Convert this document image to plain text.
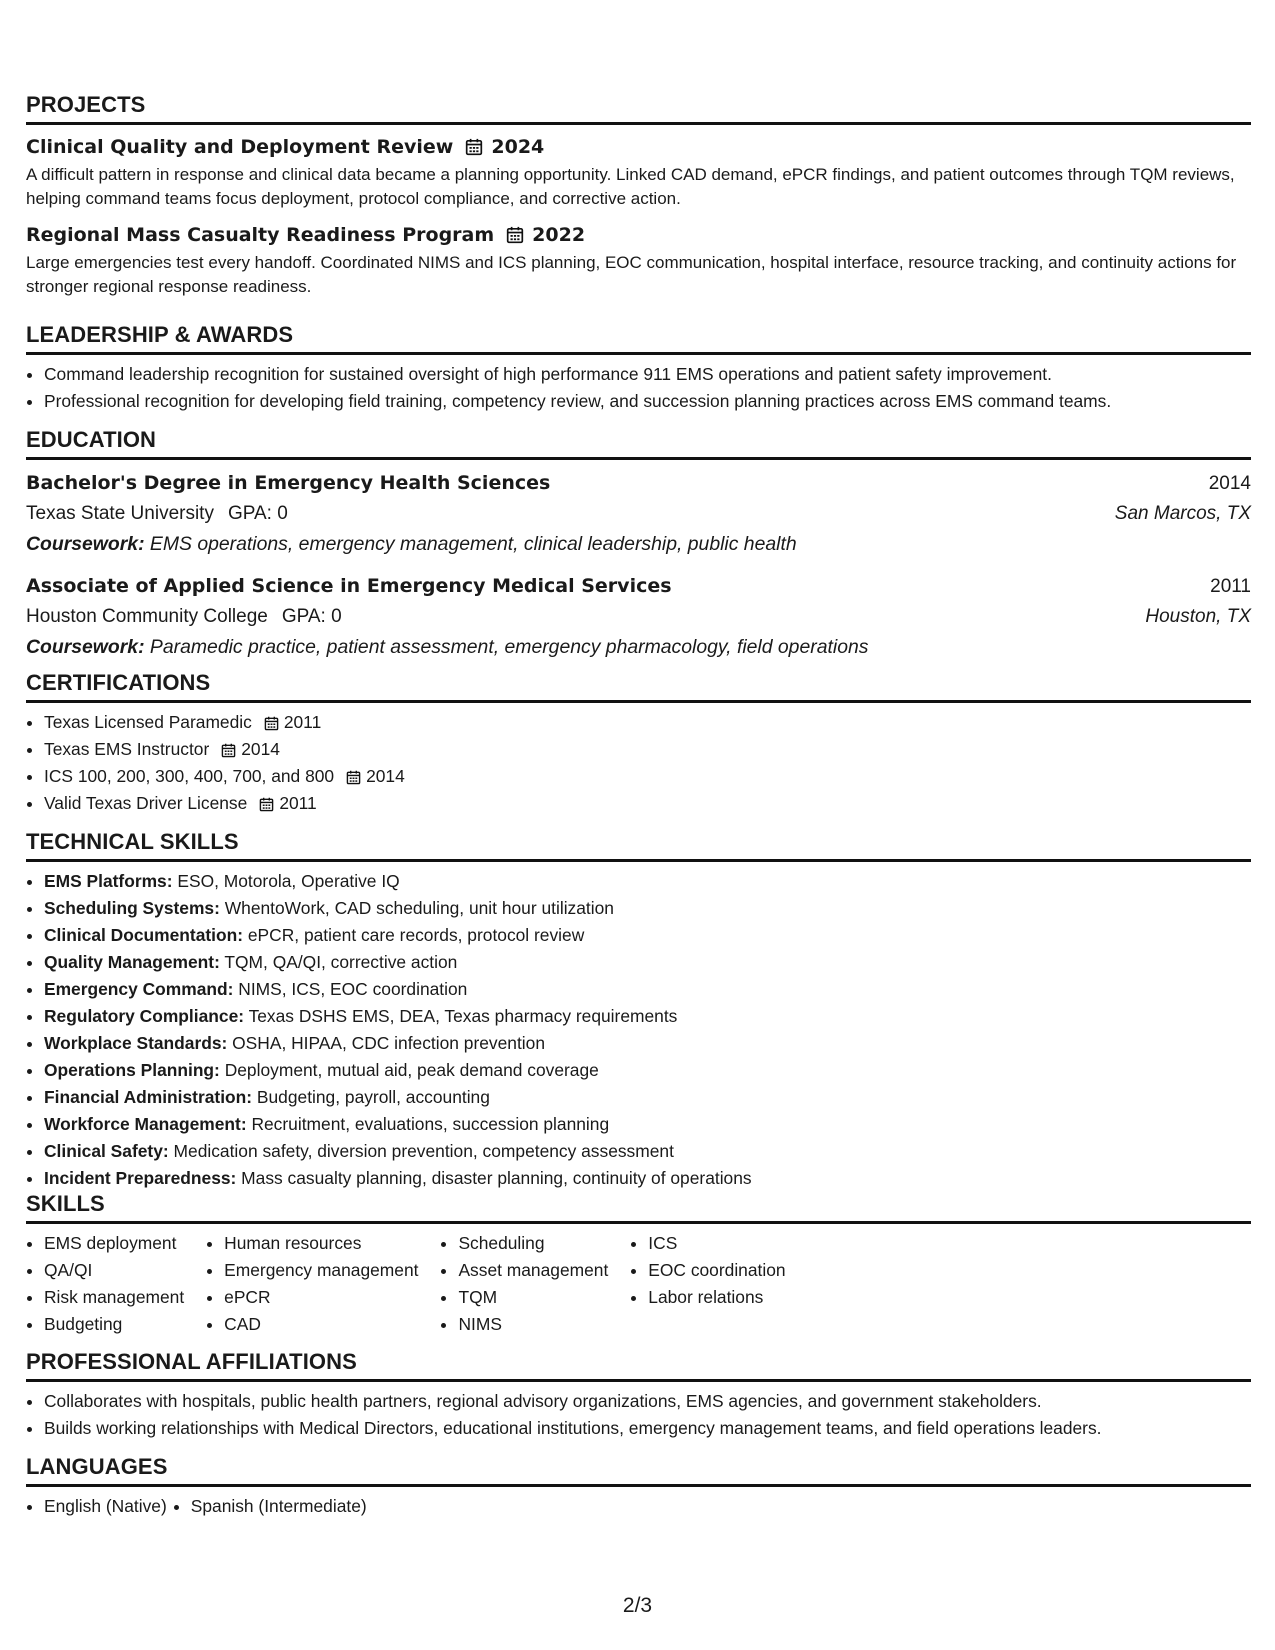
PROJECTS
Clinical Quality and Deployment Review 2024
A difficult pattern in response and clinical data became a planning opportunity. Linked CAD demand, ePCR findings, and patient outcomes through TQM reviews, helping command teams focus deployment, protocol compliance, and corrective action.
Regional Mass Casualty Readiness Program 2022
Large emergencies test every handoff. Coordinated NIMS and ICS planning, EOC communication, hospital interface, resource tracking, and continuity actions for stronger regional response readiness.
LEADERSHIP & AWARDS
• Command leadership recognition for sustained oversight of high performance 911 EMS operations and patient safety improvement.
• Professional recognition for developing field training, competency review, and succession planning practices across EMS command teams.
EDUCATION
Bachelor's Degree in Emergency Health Sciences	2014
Texas State University GPA: 0	San Marcos, TX
Coursework: EMS operations, emergency management, clinical leadership, public health
Associate of Applied Science in Emergency Medical Services	2011
Houston Community College GPA: 0	Houston, TX
Coursework: Paramedic practice, patient assessment, emergency pharmacology, field operations
CERTIFICATIONS
• Texas Licensed Paramedic 2011
• Texas EMS Instructor 2014
• ICS 100, 200, 300, 400, 700, and 800 2014
• Valid Texas Driver License 2011
TECHNICAL SKILLS
• EMS Platforms: ESO, Motorola, Operative IQ
• Scheduling Systems: WhentoWork, CAD scheduling, unit hour utilization
• Clinical Documentation: ePCR, patient care records, protocol review
• Quality Management: TQM, QA/QI, corrective action
• Emergency Command: NIMS, ICS, EOC coordination
• Regulatory Compliance: Texas DSHS EMS, DEA, Texas pharmacy requirements
• Workplace Standards: OSHA, HIPAA, CDC infection prevention
• Operations Planning: Deployment, mutual aid, peak demand coverage
• Financial Administration: Budgeting, payroll, accounting
• Workforce Management: Recruitment, evaluations, succession planning
• Clinical Safety: Medication safety, diversion prevention, competency assessment
• Incident Preparedness: Mass casualty planning, disaster planning, continuity of operations
SKILLS
• EMS deployment
• QA/QI
• Risk management
• Budgeting
• Human resources
• Emergency management
• ePCR
• CAD
• Scheduling
• Asset management
• TQM
• NIMS
• ICS
• EOC coordination
• Labor relations
PROFESSIONAL AFFILIATIONS
• Collaborates with hospitals, public health partners, regional advisory organizations, EMS agencies, and government stakeholders.
• Builds working relationships with Medical Directors, educational institutions, emergency management teams, and field operations leaders.
LANGUAGES
• English (Native)
• Spanish (Intermediate)
2/3
